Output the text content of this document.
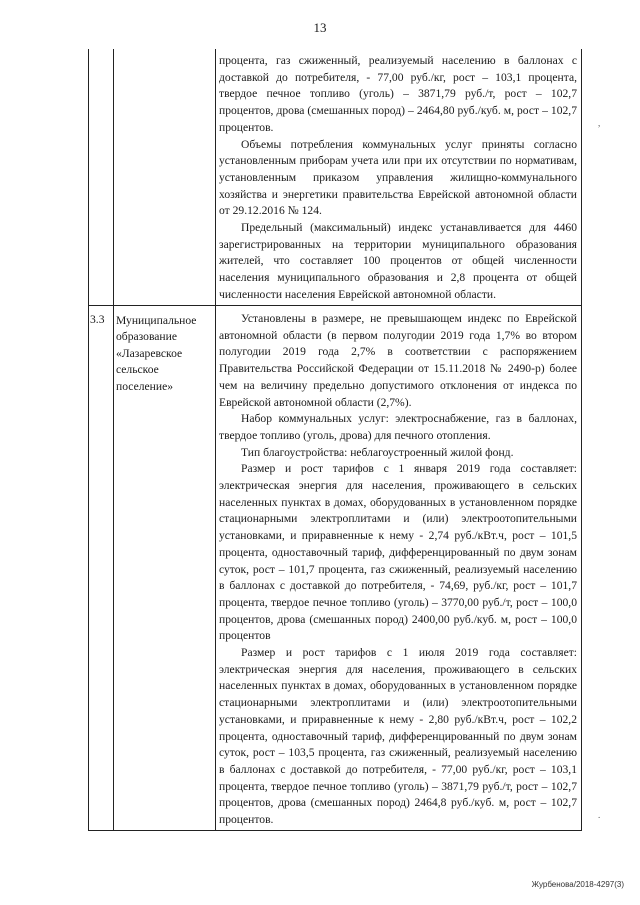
13

процента, газ сжиженный, реализуемый населению в баллонах с доставкой до потребителя, - 77,00 руб./кг, рост – 103,1 процента, твердое печное топливо (уголь) – 3871,79 руб./т, рост – 102,7 процентов, дрова (смешанных пород) – 2464,80 руб./куб. м, рост – 102,7 процентов.

Объемы потребления коммунальных услуг приняты согласно установленным приборам учета или при их отсутствии по нормативам, установленным приказом управления жилищно-коммунального хозяйства и энергетики правительства Еврейской автономной области от 29.12.2016 № 124.

Предельный (максимальный) индекс устанавливается для 4460 зарегистрированных на территории муниципального образования жителей, что составляет 100 процентов от общей численности населения муниципального образования и 2,8 процента от общей численности населения Еврейской автономной области.

3.3 Муниципальное образование «Лазаревское сельское поселение»

Установлены в размере, не превышающем индекс по Еврейской автономной области (в первом полугодии 2019 года 1,7% во втором полугодии 2019 года 2,7% в соответствии с распоряжением Правительства Российской Федерации от 15.11.2018 № 2490-р) более чем на величину предельно допустимого отклонения от индекса по Еврейской автономной области (2,7%).

Набор коммунальных услуг: электроснабжение, газ в баллонах, твердое топливо (уголь, дрова) для печного отопления.

Тип благоустройства: неблагоустроенный жилой фонд.

Размер и рост тарифов с 1 января 2019 года составляет: электрическая энергия для населения, проживающего в сельских населенных пунктах в домах, оборудованных в установленном порядке стационарными электроплитами и (или) электроотопительными установками, и приравненные к нему - 2,74 руб./кВт.ч, рост – 101,5 процента, одноставочный тариф, дифференцированный по двум зонам суток, рост – 101,7 процента, газ сжиженный, реализуемый населению в баллонах с доставкой до потребителя, - 74,69, руб./кг, рост – 101,7 процента, твердое печное топливо (уголь) – 3770,00 руб./т, рост – 100,0 процентов, дрова (смешанных пород) 2400,00 руб./куб. м, рост – 100,0 процентов

Размер и рост тарифов с 1 июля 2019 года составляет: электрическая энергия для населения, проживающего в сельских населенных пунктах в домах, оборудованных в установленном порядке стационарными электроплитами и (или) электроотопительными установками, и приравненные к нему - 2,80 руб./кВт.ч, рост – 102,2 процента, одноставочный тариф, дифференцированный по двум зонам суток, рост – 103,5 процента, газ сжиженный, реализуемый населению в баллонах с доставкой до потребителя, - 77,00 руб./кг, рост – 103,1 процента, твердое печное топливо (уголь) – 3871,79 руб./т, рост – 102,7 процентов, дрова (смешанных пород) 2464,8 руб./куб. м, рост – 102,7 процентов.

,
.
Журбенова/2018-4297(3)
